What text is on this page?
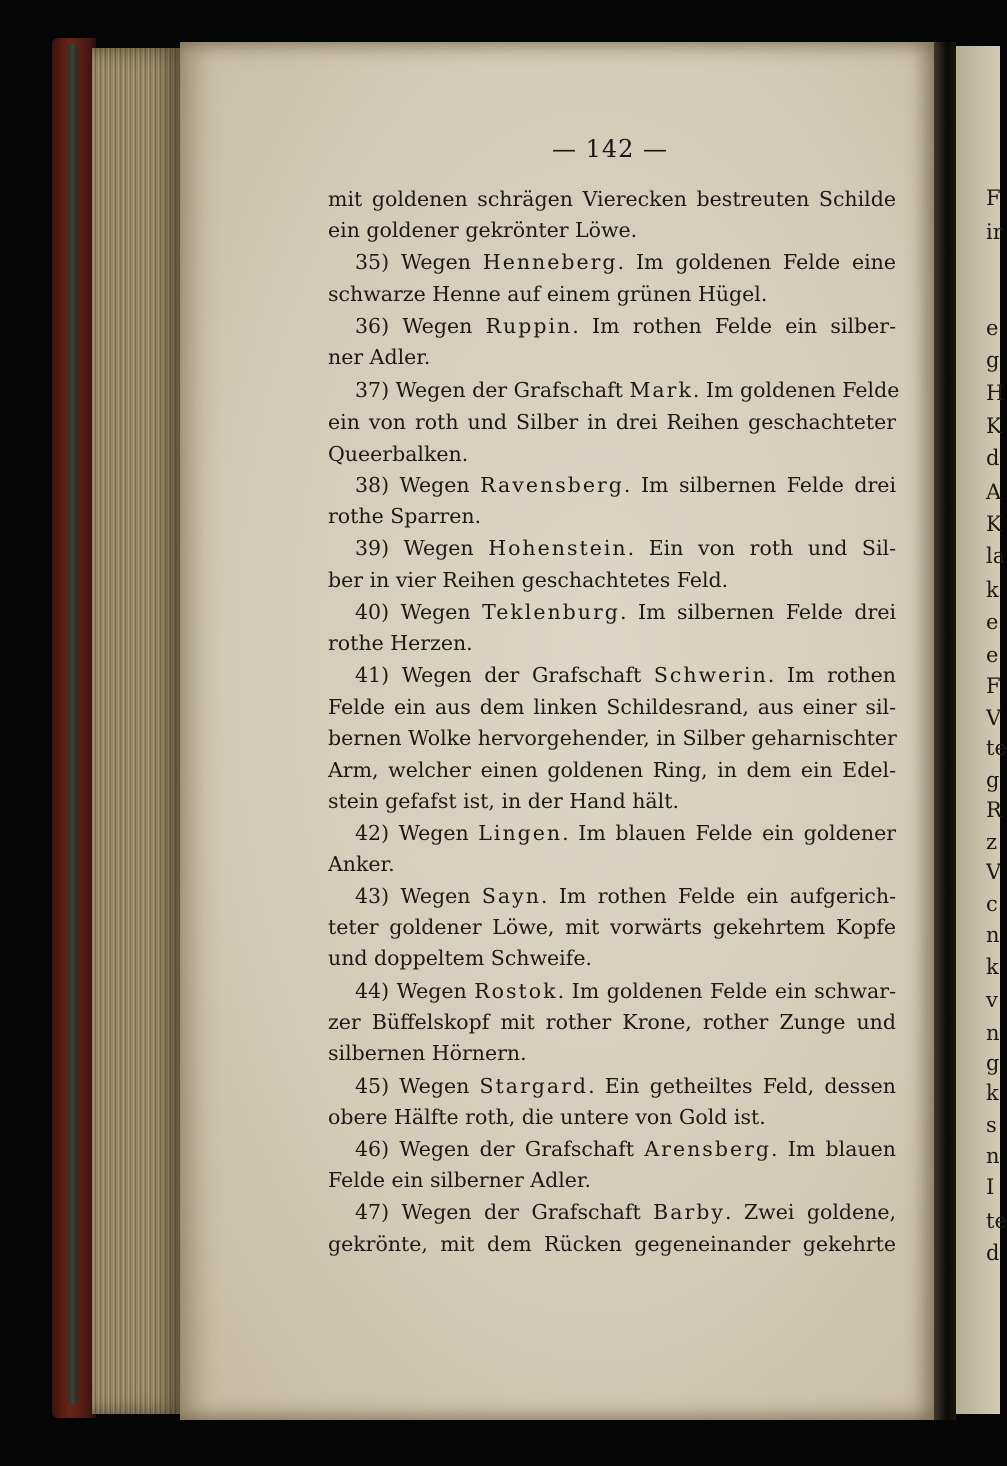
F
ir
e
g
H
K
d
A
K
la
k
e
e
F
V
te
g
R
z
V
c
n
k
v
n
g
k
s
n
I
te
d
— 142 —
mit goldenen schrägen Vierecken bestreuten Schilde
ein goldener gekrönter Löwe.
35) Wegen Henneberg. Im goldenen Felde eine
schwarze Henne auf einem grünen Hügel.
36) Wegen Ruppin. Im rothen Felde ein silber-
ner Adler.
37) Wegen der Grafschaft Mark. Im goldenen Felde
ein von roth und Silber in drei Reihen geschachteter
Queerbalken.
38) Wegen Ravensberg. Im silbernen Felde drei
rothe Sparren.
39) Wegen Hohenstein. Ein von roth und Sil-
ber in vier Reihen geschachtetes Feld.
40) Wegen Teklenburg. Im silbernen Felde drei
rothe Herzen.
41) Wegen der Grafschaft Schwerin. Im rothen
Felde ein aus dem linken Schildesrand, aus einer sil-
bernen Wolke hervorgehender, in Silber geharnischter
Arm, welcher einen goldenen Ring, in dem ein Edel-
stein gefafst ist, in der Hand hält.
42) Wegen Lingen. Im blauen Felde ein goldener
Anker.
43) Wegen Sayn. Im rothen Felde ein aufgerich-
teter goldener Löwe, mit vorwärts gekehrtem Kopfe
und doppeltem Schweife.
44) Wegen Rostok. Im goldenen Felde ein schwar-
zer Büffelskopf mit rother Krone, rother Zunge und
silbernen Hörnern.
45) Wegen Stargard. Ein getheiltes Feld, dessen
obere Hälfte roth, die untere von Gold ist.
46) Wegen der Grafschaft Arensberg. Im blauen
Felde ein silberner Adler.
47) Wegen der Grafschaft Barby. Zwei goldene,
gekrönte, mit dem Rücken gegeneinander gekehrte
